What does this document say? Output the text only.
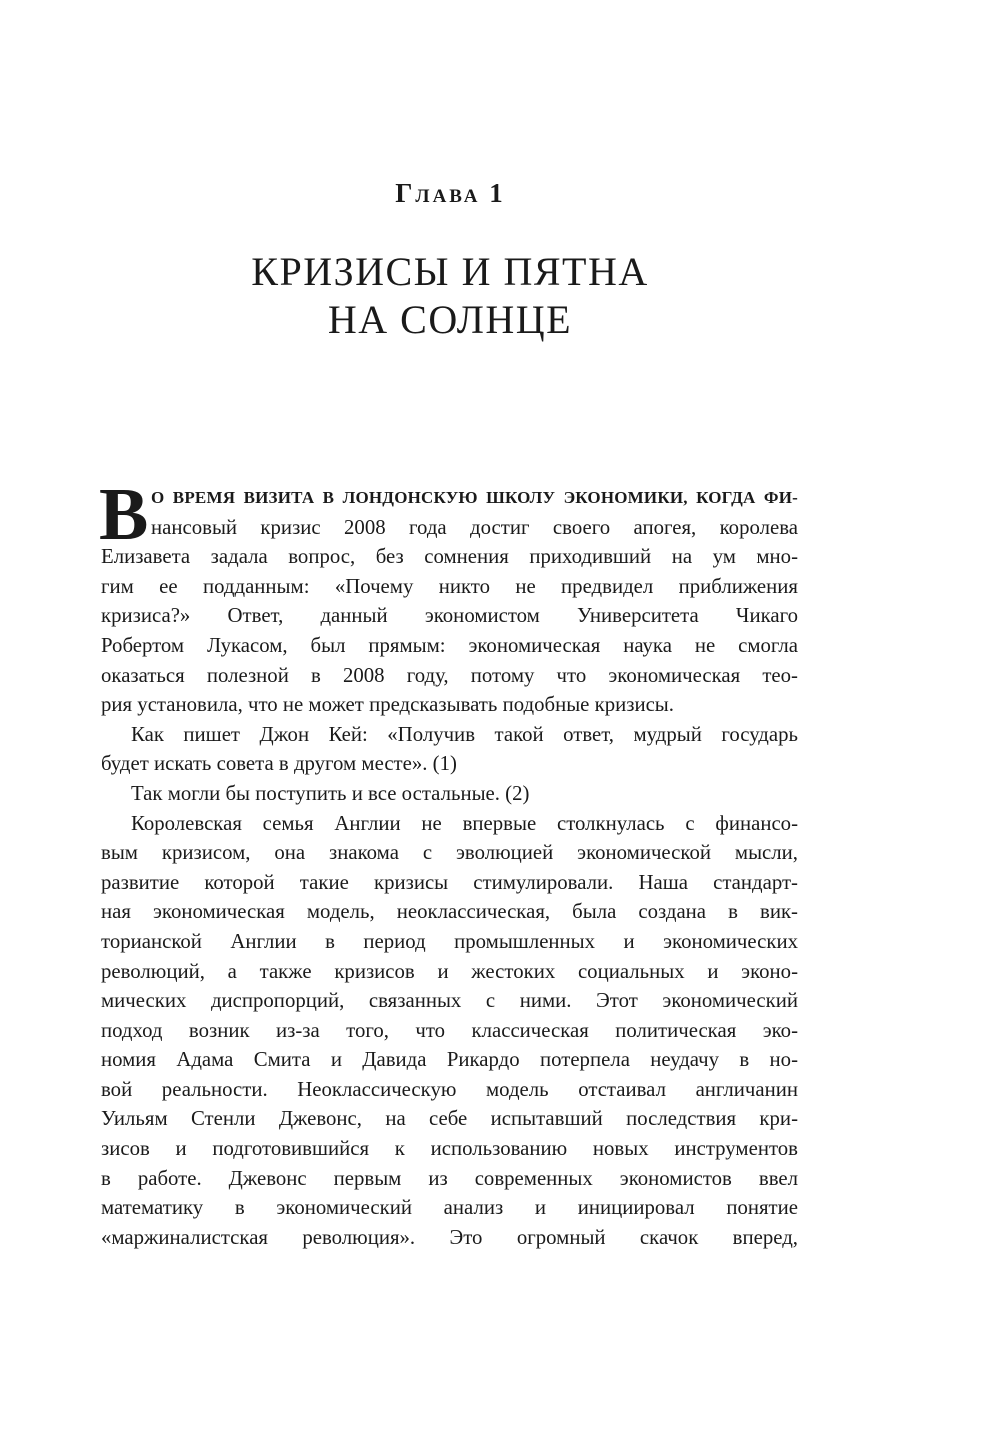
Глава 1
КРИЗИСЫ И ПЯТНА
НА СОЛНЦЕ
В О ВРЕМЯ ВИЗИТА В ЛОНДОНСКУЮ ШКОЛУ ЭКОНОМИКИ, КОГДА ФИ-
нансовый кризис 2008 года достиг своего апогея, королева
Елизавета задала вопрос, без сомнения приходивший на ум мно-
гим ее подданным: «Почему никто не предвидел приближения
кризиса?» Ответ, данный экономистом Университета Чикаго
Робертом Лукасом, был прямым: экономическая наука не смогла
оказаться полезной в 2008 году, потому что экономическая тео-
рия установила, что не может предсказывать подобные кризисы.
Как пишет Джон Кей: «Получив такой ответ, мудрый государь
будет искать совета в другом месте». (1)
Так могли бы поступить и все остальные. (2)
Королевская семья Англии не впервые столкнулась с финансо-
вым кризисом, она знакома с эволюцией экономической мысли,
развитие которой такие кризисы стимулировали. Наша стандарт-
ная экономическая модель, неоклассическая, была создана в вик-
торианской Англии в период промышленных и экономических
революций, а также кризисов и жестоких социальных и эконо-
мических диспропорций, связанных с ними. Этот экономический
подход возник из-за того, что классическая политическая эко-
номия Адама Смита и Давида Рикардо потерпела неудачу в но-
вой реальности. Неоклассическую модель отстаивал англичанин
Уильям Стенли Джевонс, на себе испытавший последствия кри-
зисов и подготовившийся к использованию новых инструментов
в работе. Джевонс первым из современных экономистов ввел
математику в экономический анализ и инициировал понятие
«маржиналистская революция». Это огромный скачок вперед,
